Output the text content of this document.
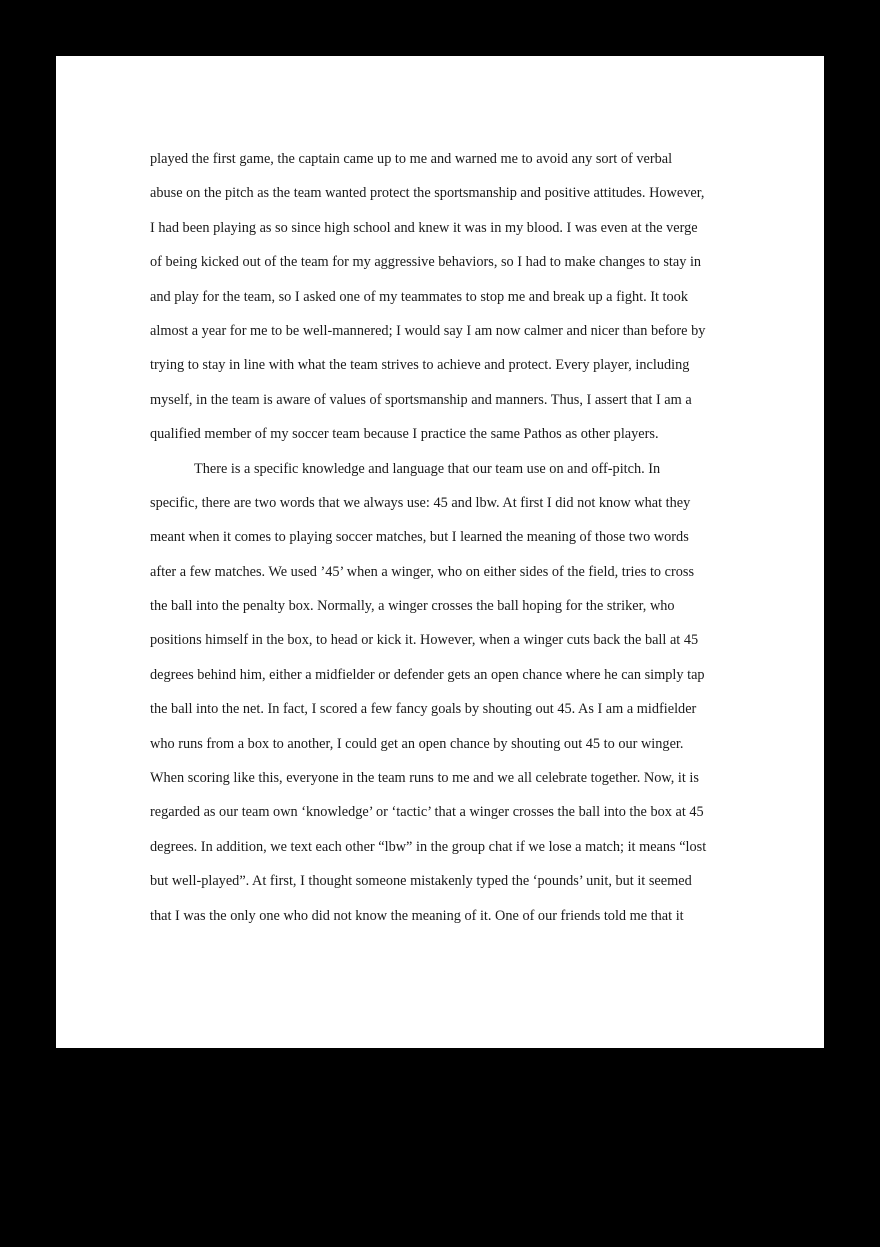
played the first game, the captain came up to me and warned me to avoid any sort of verbal
abuse on the pitch as the team wanted protect the sportsmanship and positive attitudes. However,
I had been playing as so since high school and knew it was in my blood. I was even at the verge
of being kicked out of the team for my aggressive behaviors, so I had to make changes to stay in
and play for the team, so I asked one of my teammates to stop me and break up a fight. It took
almost a year for me to be well-mannered; I would say I am now calmer and nicer than before by
trying to stay in line with what the team strives to achieve and protect. Every player, including
myself, in the team is aware of values of sportsmanship and manners. Thus, I assert that I am a
qualified member of my soccer team because I practice the same Pathos as other players.
There is a specific knowledge and language that our team use on and off-pitch. In
specific, there are two words that we always use: 45 and lbw. At first I did not know what they
meant when it comes to playing soccer matches, but I learned the meaning of those two words
after a few matches. We used ’45’ when a winger, who on either sides of the field, tries to cross
the ball into the penalty box. Normally, a winger crosses the ball hoping for the striker, who
positions himself in the box, to head or kick it. However, when a winger cuts back the ball at 45
degrees behind him, either a midfielder or defender gets an open chance where he can simply tap
the ball into the net. In fact, I scored a few fancy goals by shouting out 45. As I am a midfielder
who runs from a box to another, I could get an open chance by shouting out 45 to our winger.
When scoring like this, everyone in the team runs to me and we all celebrate together. Now, it is
regarded as our team own ‘knowledge’ or ‘tactic’ that a winger crosses the ball into the box at 45
degrees. In addition, we text each other “lbw” in the group chat if we lose a match; it means “lost
but well-played”. At first, I thought someone mistakenly typed the ‘pounds’ unit, but it seemed
that I was the only one who did not know the meaning of it. One of our friends told me that it
